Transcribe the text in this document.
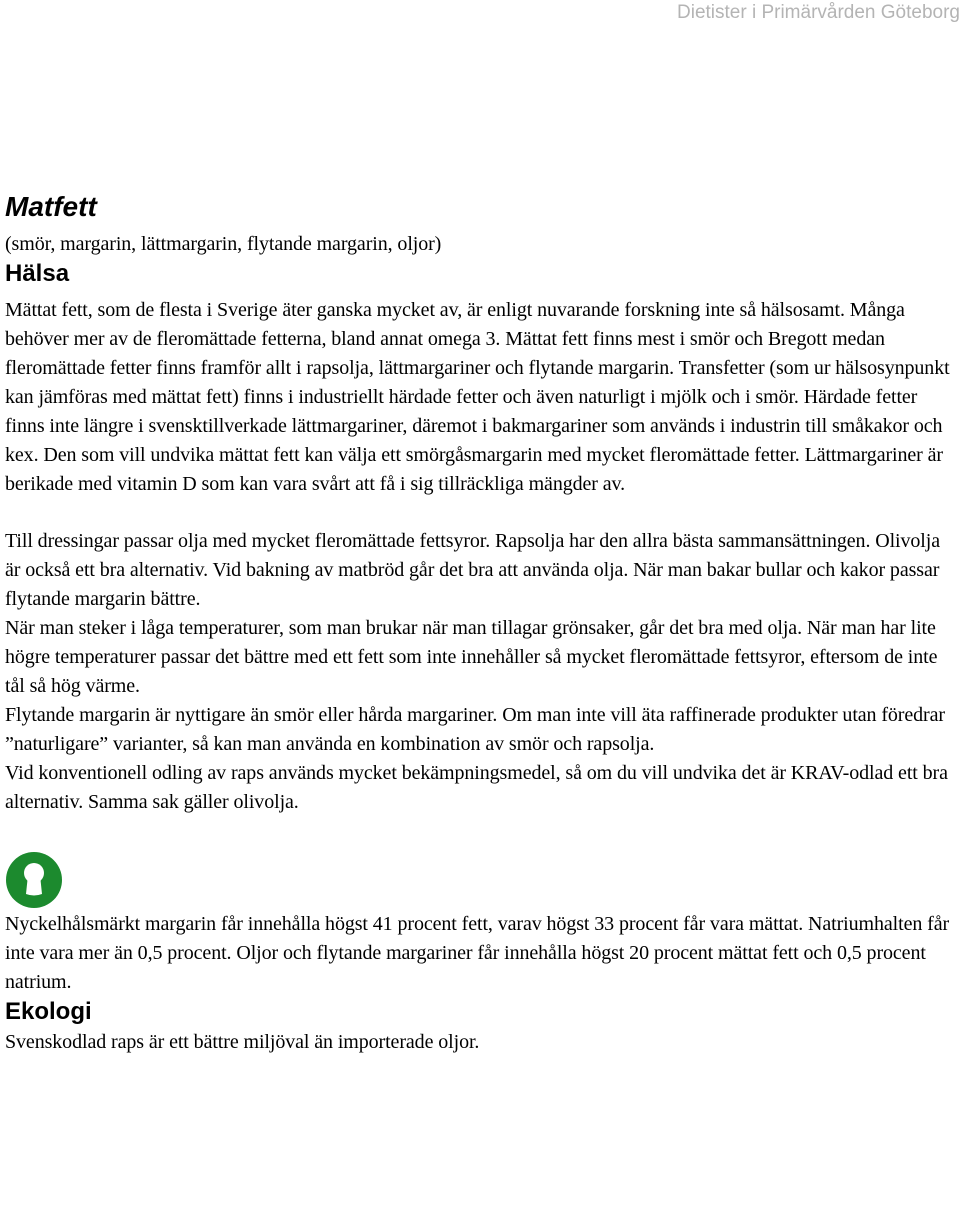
Dietister i Primärvården Göteborg
Matfett

(smör, margarin, lättmargarin, flytande margarin, oljor)

Hälsa

Mättat fett, som de flesta i Sverige äter ganska mycket av, är enligt nuvarande forskning inte så hälsosamt. Många behöver mer av de fleromättade fetterna, bland annat omega 3. Mättat fett finns mest i smör och Bregott medan fleromättade fetter finns framför allt i rapsolja, lättmargariner och flytande margarin. Transfetter (som ur hälsosynpunkt kan jämföras med mättat fett) finns i industriellt härdade fetter och även naturligt i mjölk och i smör. Härdade fetter finns inte längre i svensktillverkade lättmargariner, däremot i bakmargariner som används i industrin till småkakor och kex. Den som vill undvika mättat fett kan välja ett smörgåsmargarin med mycket fleromättade fetter. Lättmargariner är berikade med vitamin D som kan vara svårt att få i sig tillräckliga mängder av.

Till dressingar passar olja med mycket fleromättade fettsyror. Rapsolja har den allra bästa sammansättningen. Olivolja är också ett bra alternativ. Vid bakning av matbröd går det bra att använda olja. När man bakar bullar och kakor passar flytande margarin bättre.

När man steker i låga temperaturer, som man brukar när man tillagar grönsaker, går det bra med olja. När man har lite högre temperaturer passar det bättre med ett fett som inte innehåller så mycket fleromättade fettsyror, eftersom de inte tål så hög värme.

Flytande margarin är nyttigare än smör eller hårda margariner. Om man inte vill äta raffinerade produkter utan föredrar ”naturligare” varianter, så kan man använda en kombination av smör och rapsolja.

Vid konventionell odling av raps används mycket bekämpningsmedel, så om du vill undvika det är KRAV-odlad ett bra alternativ. Samma sak gäller olivolja.

Nyckelhålsmärkt margarin får innehålla högst 41 procent fett, varav högst 33 procent får vara mättat. Natriumhalten får inte vara mer än 0,5 procent. Oljor och flytande margariner får innehålla högst 20 procent mättat fett och 0,5 procent natrium.

Ekologi

Svenskodlad raps är ett bättre miljöval än importerade oljor.
